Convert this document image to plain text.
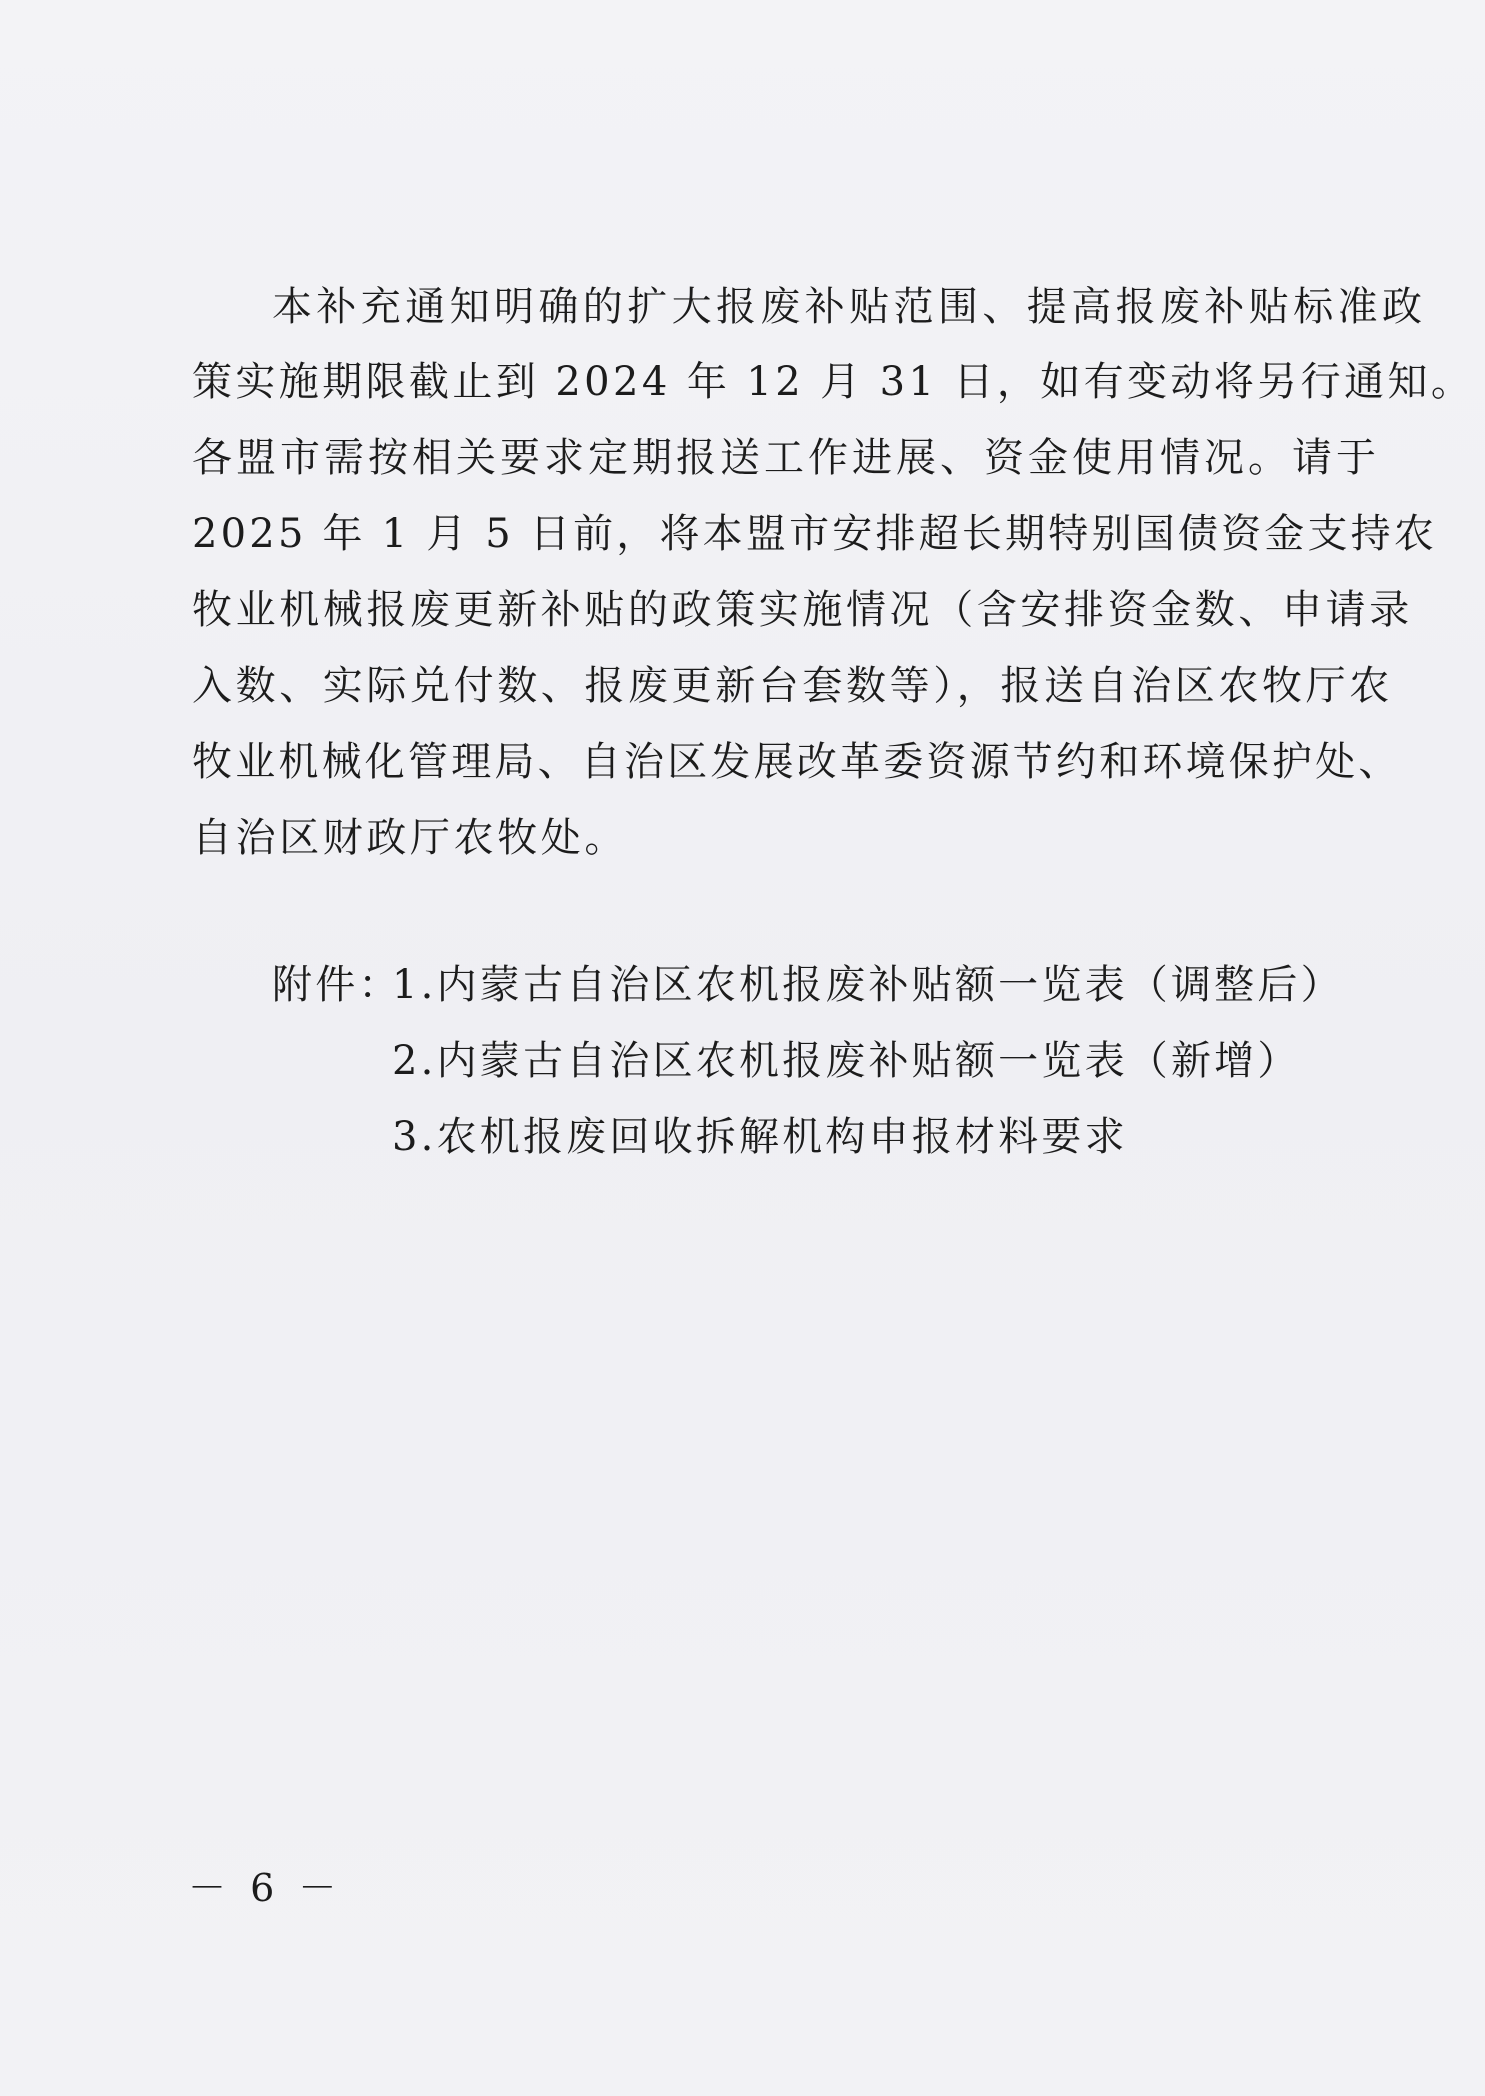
本补充通知明确的扩大报废补贴范围、提高报废补贴标准政
策实施期限截止到 2024 年 12 月 31 日，如有变动将另行通知。
各盟市需按相关要求定期报送工作进展、资金使用情况。请于
2025 年 1 月 5 日前，将本盟市安排超长期特别国债资金支持农
牧业机械报废更新补贴的政策实施情况（含安排资金数、申请录
入数、实际兑付数、报废更新台套数等），报送自治区农牧厅农
牧业机械化管理局、自治区发展改革委资源节约和环境保护处、
自治区财政厅农牧处。
附件：
1.内蒙古自治区农机报废补贴额一览表（调整后）
2.内蒙古自治区农机报废补贴额一览表（新增）
3.农机报废回收拆解机构申报材料要求
－ 6 －
